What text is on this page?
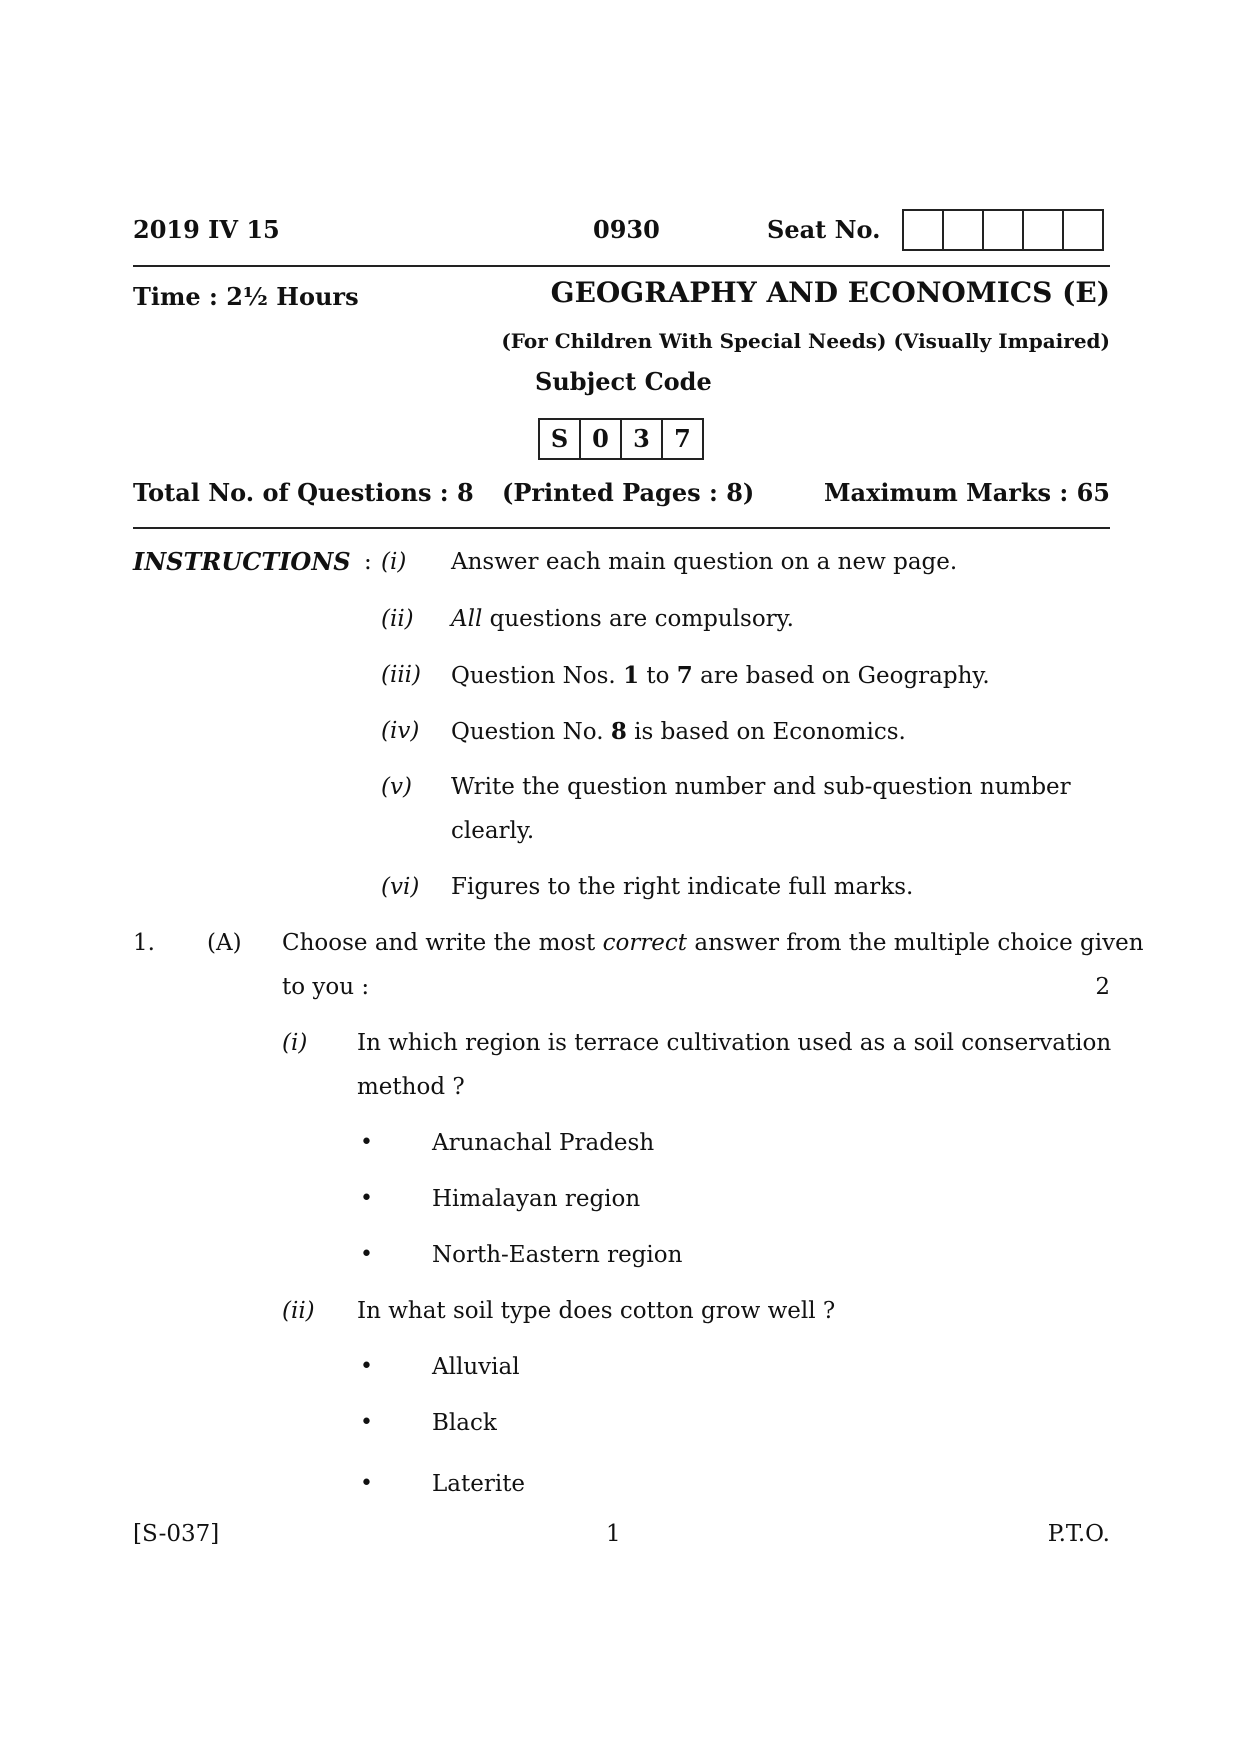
2019 IV 15	0930	Seat No.
Time : 2½ Hours	GEOGRAPHY AND ECONOMICS (E)
(For Children With Special Needs) (Visually Impaired)
Subject Code
S 0	3	7
Total No. of Questions : 8 (Printed Pages : 8)	Maximum Marks : 65
INSTRUCTIONS : (i) Answer each main question on a new page.
(ii) All questions are compulsory.
(iii) Question Nos. 1 to 7 are based on Geography.
(iv) Question No. 8 is based on Economics.
(v) Write the question number and sub-question number
clearly.
(vi) Figures to the right indicate full marks.
1. (A) Choose and write the most correct answer from the multiple choice given
to you :	2
(i) In which region is terrace cultivation used as a soil conservation
method ?
•	Arunachal Pradesh
•	Himalayan region
•	North-Eastern region
(ii) In what soil type does cotton grow well ?
•	Alluvial
•	Black
•	Laterite
[S-037]	1	P.T.O.
